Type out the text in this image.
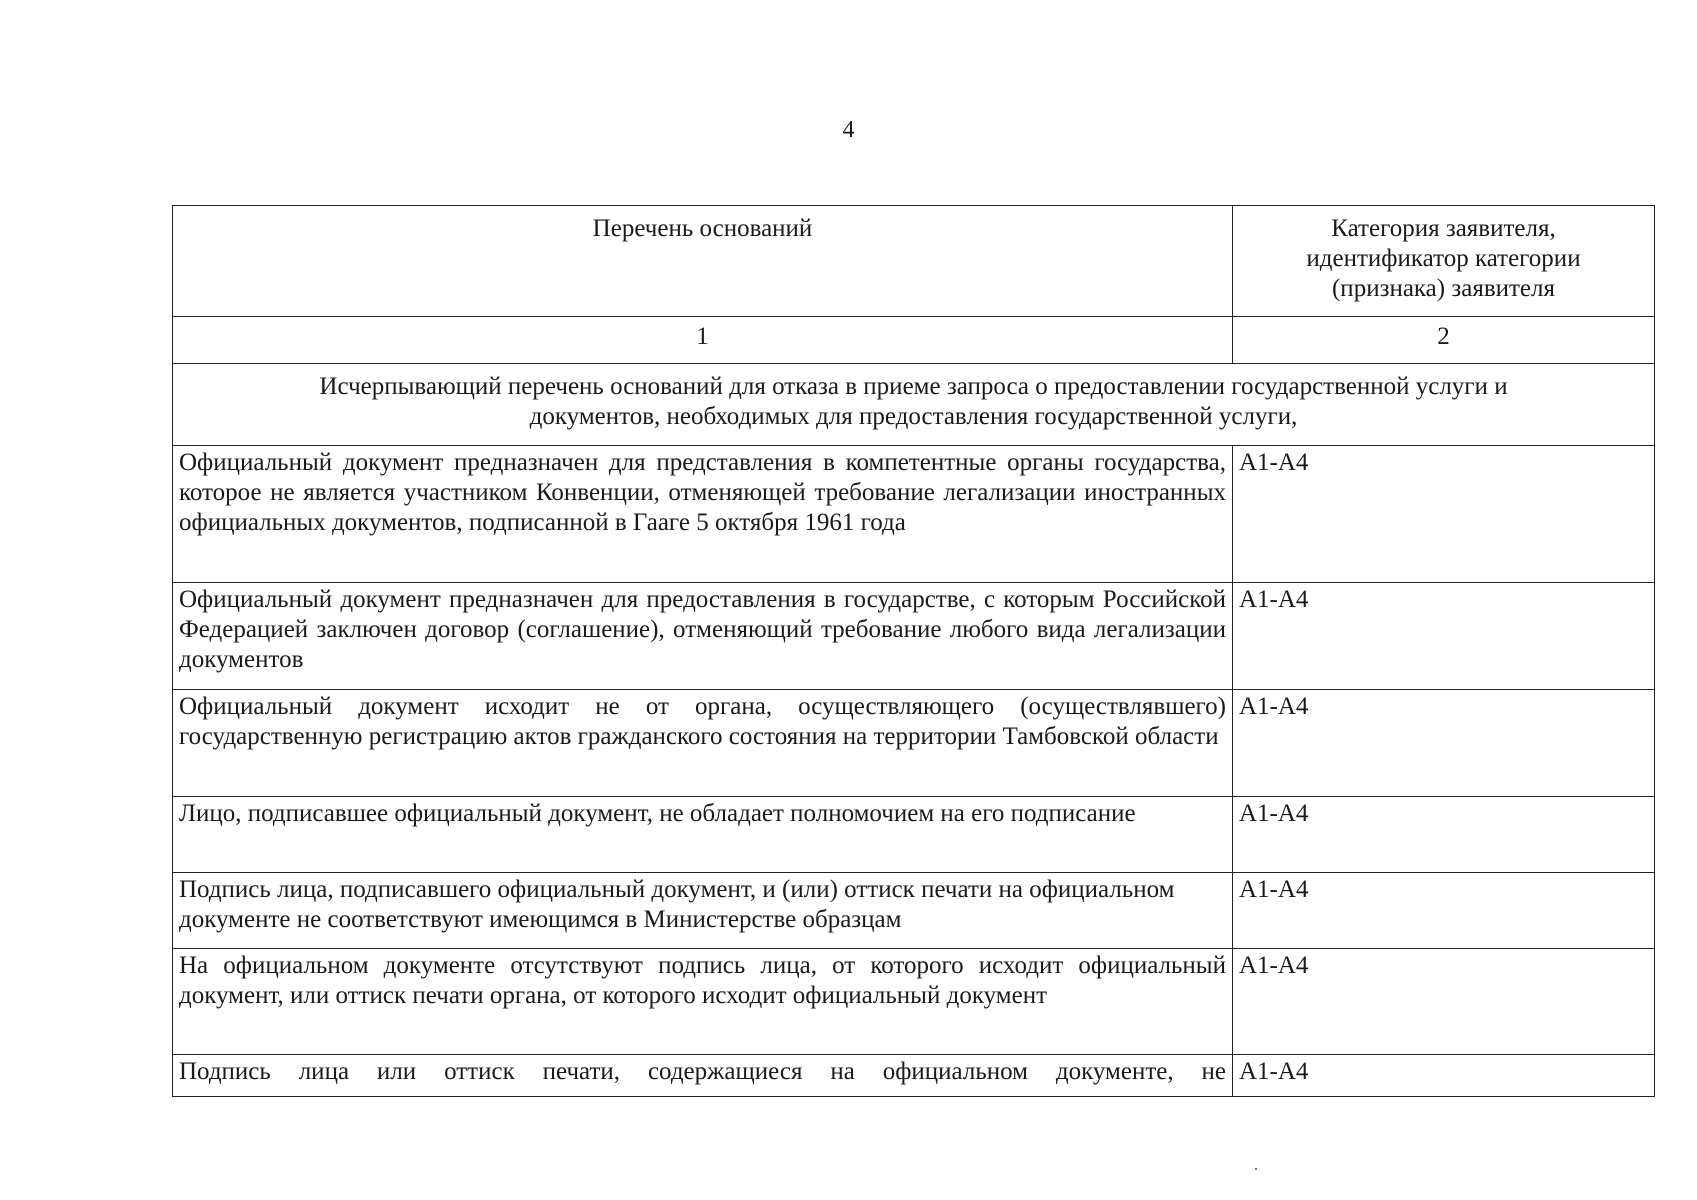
4
Перечень оснований	Категория заявителя,
идентификатор категории
(признака) заявителя
1	2
Исчерпывающий перечень оснований для отказа в приеме запроса о предоставлении государственной услуги и
документов, необходимых для предоставления государственной услуги,	
Официальный документ предназначен для представления в компетентные органы государства, которое не является участником Конвенции, отменяющей требование легализации иностранных официальных документов, подписанной в Гааге 5 октября 1961 года	A1-A4
Официальный документ предназначен для предоставления в государстве, с которым Российской Федерацией заключен договор (соглашение), отменяющий требование любого вида легализации документов	A1-A4
Официальный документ исходит не от органа, осуществляющего (осуществлявшего) государственную регистрацию актов гражданского состояния на территории Тамбовской области	A1-A4
Лицо, подписавшее официальный документ, не обладает полномочием на его подписание	A1-A4
Подпись лица, подписавшего официальный документ, и (или) оттиск печати на официальном документе не соответствуют имеющимся в Министерстве образцам	A1-A4
На официальном документе отсутствуют подпись лица, от которого исходит официальный документ, или оттиск печати органа, от которого исходит официальный документ	A1-A4
Подпись лица или оттиск печати, содержащиеся на официальном документе, не	A1-A4
